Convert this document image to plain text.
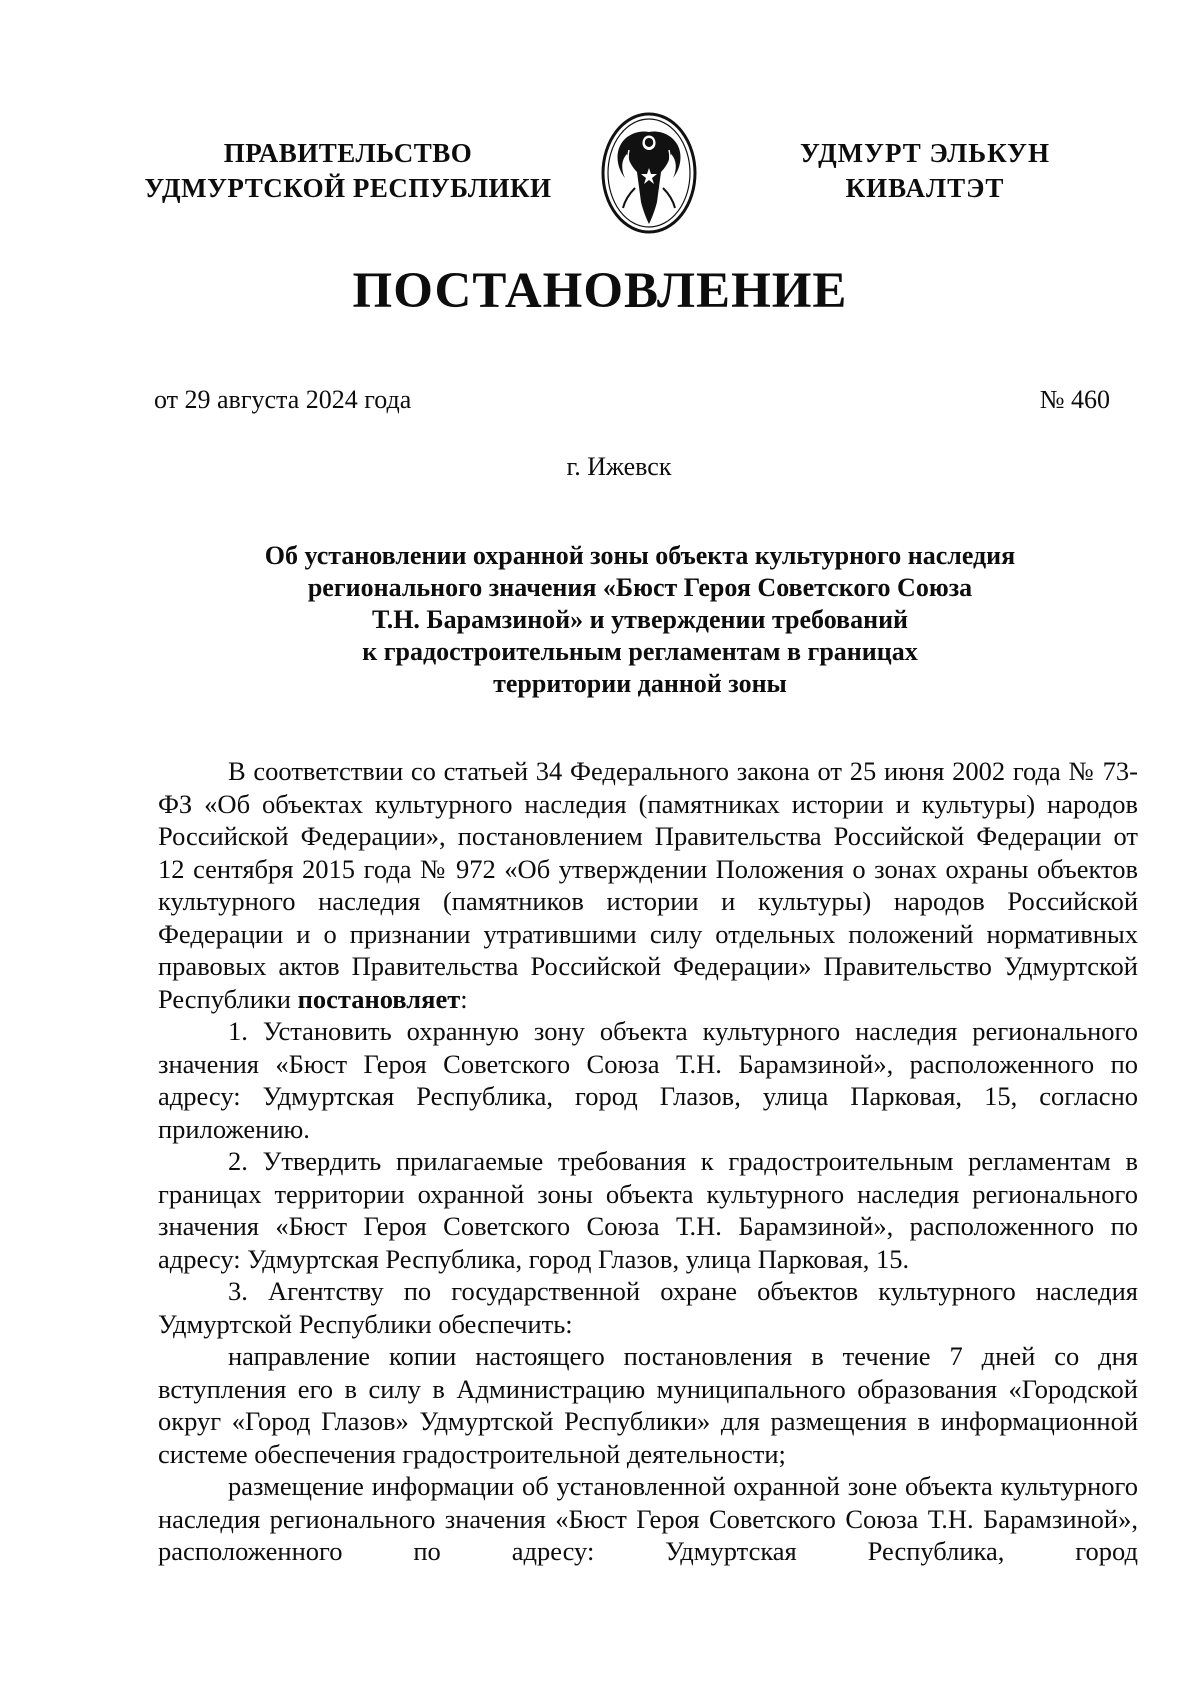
ПРАВИТЕЛЬСТВО
УДМУРТСКОЙ РЕСПУБЛИКИ
УДМУРТ ЭЛЬКУН
КИВАЛТЭТ
ПОСТАНОВЛЕНИЕ
от 29 августа 2024 года	№ 460
г. Ижевск
Об установлении охранной зоны объекта культурного наследия
регионального значения «Бюст Героя Советского Союза
Т.Н. Барамзиной» и утверждении требований
к градостроительным регламентам в границах
территории данной зоны

В соответствии со статьей 34 Федерального закона от 25 июня 2002 года № 73-ФЗ «Об объектах культурного наследия (памятниках истории и культуры) народов Российской Федерации», постановлением Правительства Российской Федерации от 12 сентября 2015 года № 972 «Об утверждении Положения о зонах охраны объектов культурного наследия (памятников истории и культуры) народов Российской Федерации и о признании утратившими силу отдельных положений нормативных правовых актов Правительства Российской Федерации» Правительство Удмуртской Республики постановляет:

1. Установить охранную зону объекта культурного наследия регионального значения «Бюст Героя Советского Союза Т.Н. Барамзиной», расположенного по адресу: Удмуртская Республика, город Глазов, улица Парковая, 15, согласно приложению.

2. Утвердить прилагаемые требования к градостроительным регламентам в границах территории охранной зоны объекта культурного наследия регионального значения «Бюст Героя Советского Союза Т.Н. Барамзиной», расположенного по адресу: Удмуртская Республика, город Глазов, улица Парковая, 15.

3. Агентству по государственной охране объектов культурного наследия Удмуртской Республики обеспечить:

направление копии настоящего постановления в течение 7 дней со дня вступления его в силу в Администрацию муниципального образования «Городской округ «Город Глазов» Удмуртской Республики» для размещения в информационной системе обеспечения градостроительной деятельности;

размещение информации об установленной охранной зоне объекта культурного наследия регионального значения «Бюст Героя Советского Союза Т.Н. Барамзиной», расположенного по адресу: Удмуртская Республика, город
